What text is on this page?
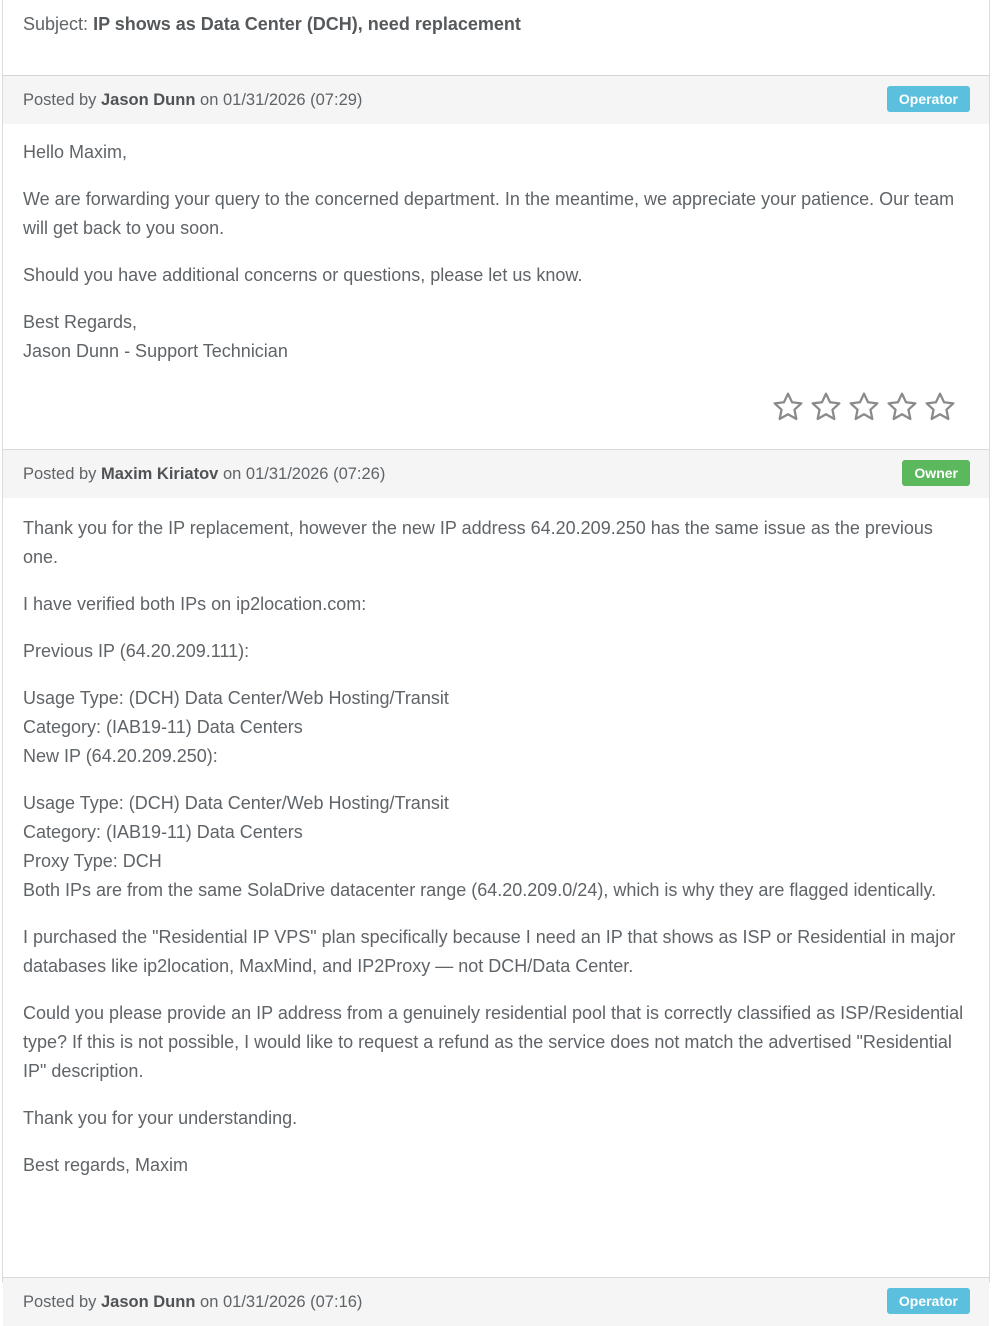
Subject: IP shows as Data Center (DCH), need replacement
Posted by Jason Dunn on 01/31/2026 (07:29)	Operator

Hello Maxim,

We are forwarding your query to the concerned department. In the meantime, we appreciate your patience. Our team will get back to you soon.

Should you have additional concerns or questions, please let us know.

Best Regards,
Jason Dunn - Support Technician

Posted by Maxim Kiriatov on 01/31/2026 (07:26)	Owner

Thank you for the IP replacement, however the new IP address 64.20.209.250 has the same issue as the previous one.

I have verified both IPs on ip2location.com:

Previous IP (64.20.209.111):

Usage Type: (DCH) Data Center/Web Hosting/Transit
Category: (IAB19-11) Data Centers
New IP (64.20.209.250):

Usage Type: (DCH) Data Center/Web Hosting/Transit
Category: (IAB19-11) Data Centers
Proxy Type: DCH
Both IPs are from the same SolaDrive datacenter range (64.20.209.0/24), which is why they are flagged identically.

I purchased the "Residential IP VPS" plan specifically because I need an IP that shows as ISP or Residential in major databases like ip2location, MaxMind, and IP2Proxy — not DCH/Data Center.

Could you please provide an IP address from a genuinely residential pool that is correctly classified as ISP/Residential type? If this is not possible, I would like to request a refund as the service does not match the advertised "Residential IP" description.

Thank you for your understanding.

Best regards, Maxim

Posted by Jason Dunn on 01/31/2026 (07:16)	Operator
